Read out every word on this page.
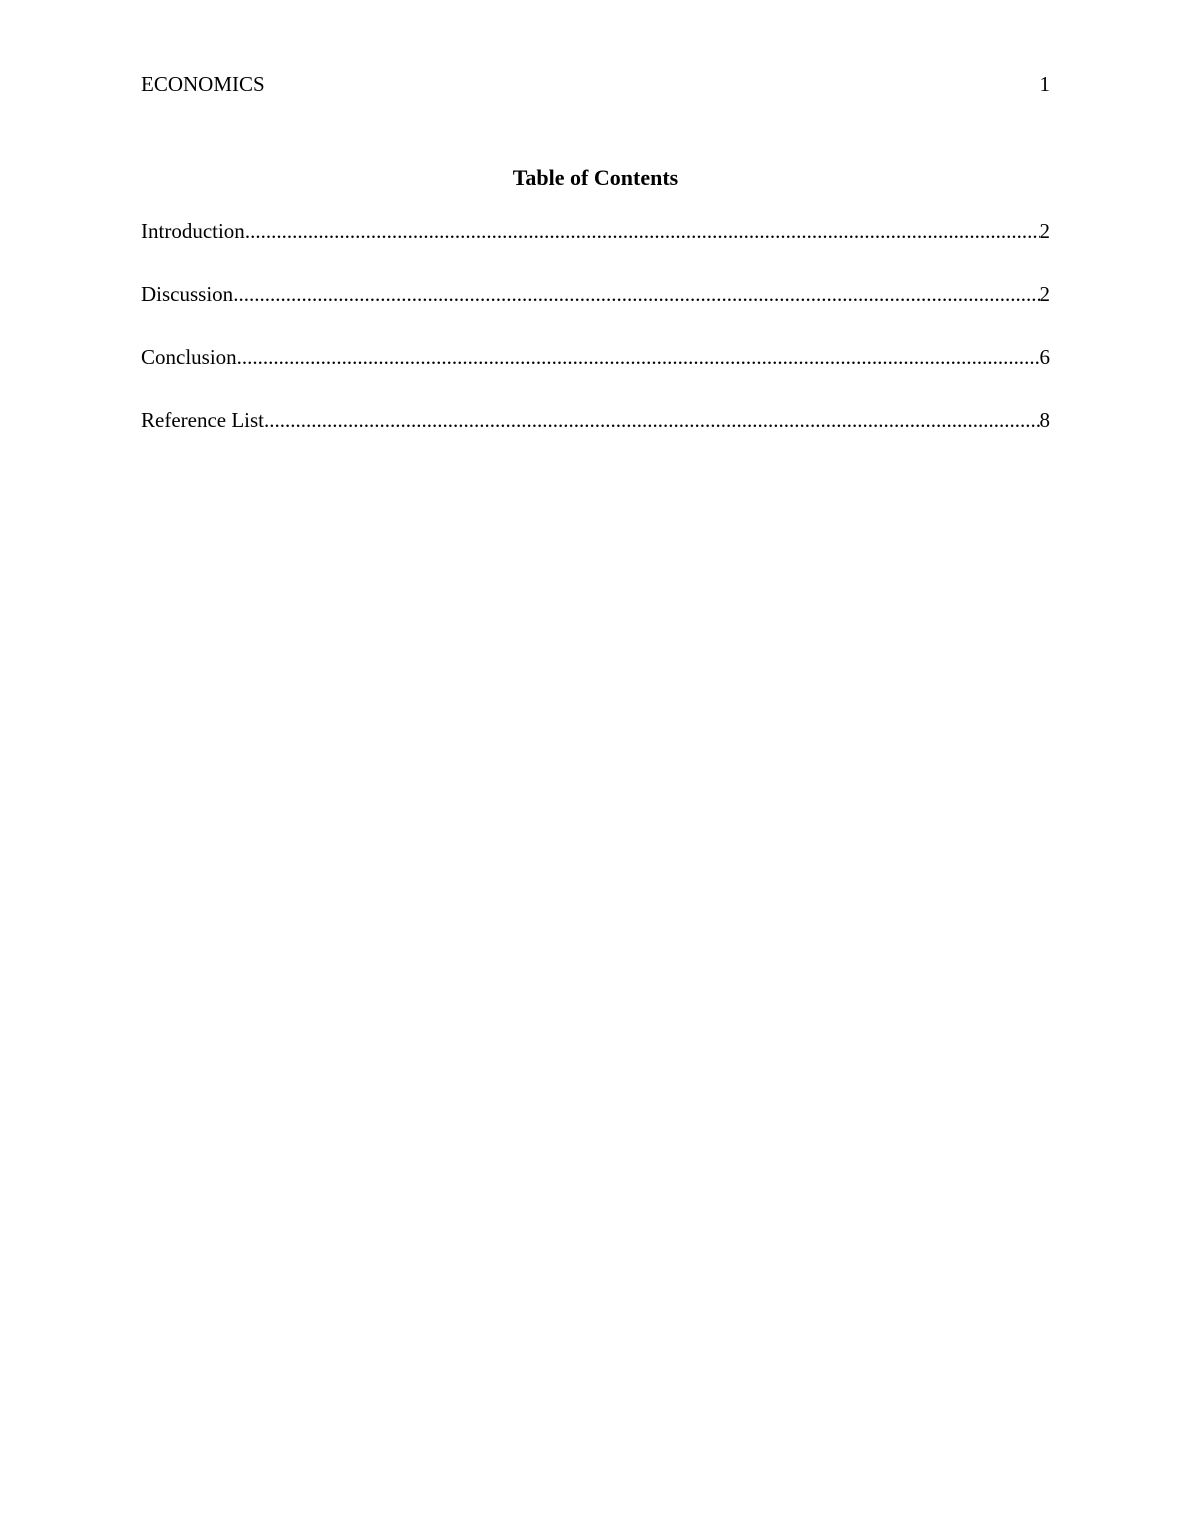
ECONOMICS	1
Table of Contents
Introduction .....	2
Discussion .....	2
Conclusion .....	6
Reference List .....	8
